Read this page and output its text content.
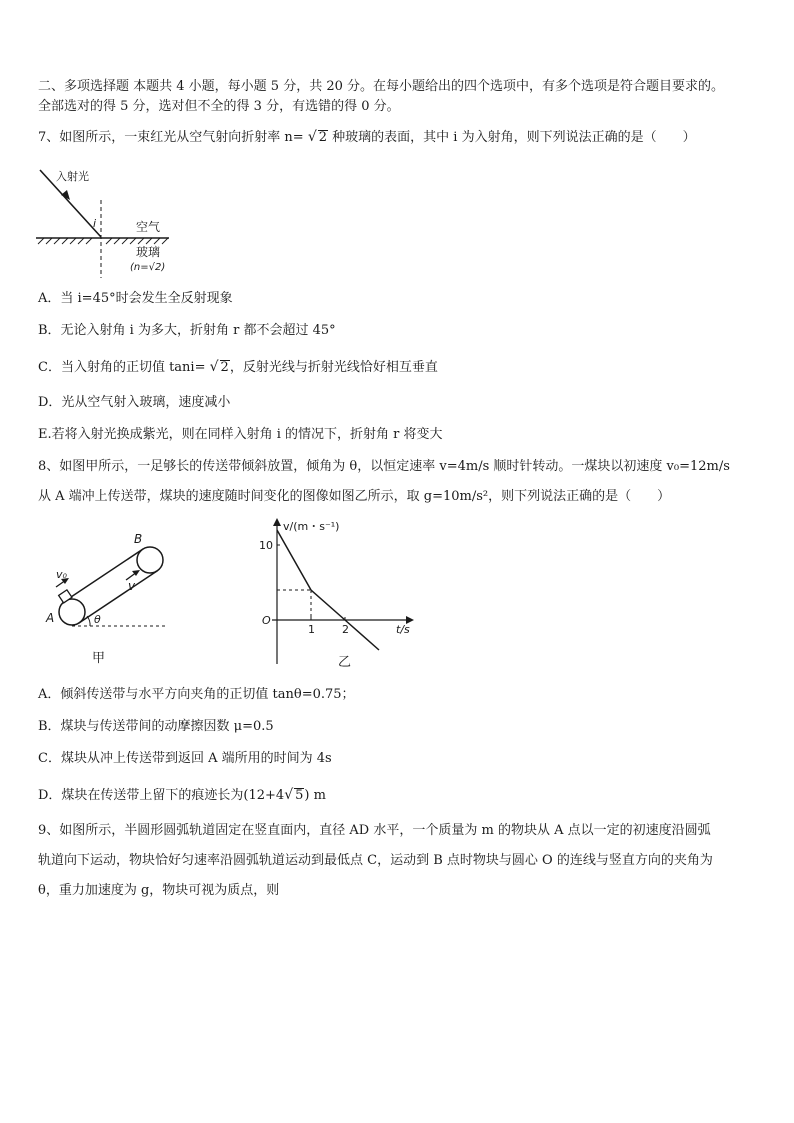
二、多项选择题 本题共 4 小题，每小题 5 分，共 20 分。在每小题给出的四个选项中，有多个选项是符合题目要求的。
全部选对的得 5 分，选对但不全的得 3 分，有选错的得 0 分。
7、如图所示，一束红光从空气射向折射率 n= √ 2 种玻璃的表面，其中 i 为入射角，则下列说法正确的是（　　）
入射光
i	空气
玻璃
(n=√2)
A．当 i=45°时会发生全反射现象
B．无论入射角 i 为多大，折射角 r 都不会超过 45°
C．当入射角的正切值 tani= √ 2，反射光线与折射光线恰好相互垂直
D．光从空气射入玻璃，速度减小
E.若将入射光换成紫光，则在同样入射角 i 的情况下，折射角 r 将变大
8、如图甲所示，一足够长的传送带倾斜放置，倾角为 θ，以恒定速率 v=4m/s 顺时针转动。一煤块以初速度 v₀=12m/s
从 A 端冲上传送带，煤块的速度随时间变化的图像如图乙所示，取 g=10m/s²，则下列说法正确的是（　　）
v₀
v
A
B
θ
甲
v/(m・s⁻¹)
t/s
10
1 2
O
乙
A．倾斜传送带与水平方向夹角的正切值 tanθ=0.75；
B．煤块与传送带间的动摩擦因数 μ=0.5
C．煤块从冲上传送带到返回 A 端所用的时间为 4s
D．煤块在传送带上留下的痕迹长为(12+4√ 5) m
9、如图所示，半圆形圆弧轨道固定在竖直面内，直径 AD 水平，一个质量为 m 的物块从 A 点以一定的初速度沿圆弧
轨道向下运动，物块恰好匀速率沿圆弧轨道运动到最低点 C，运动到 B 点时物块与圆心 O 的连线与竖直方向的夹角为
θ，重力加速度为 g，物块可视为质点，则
